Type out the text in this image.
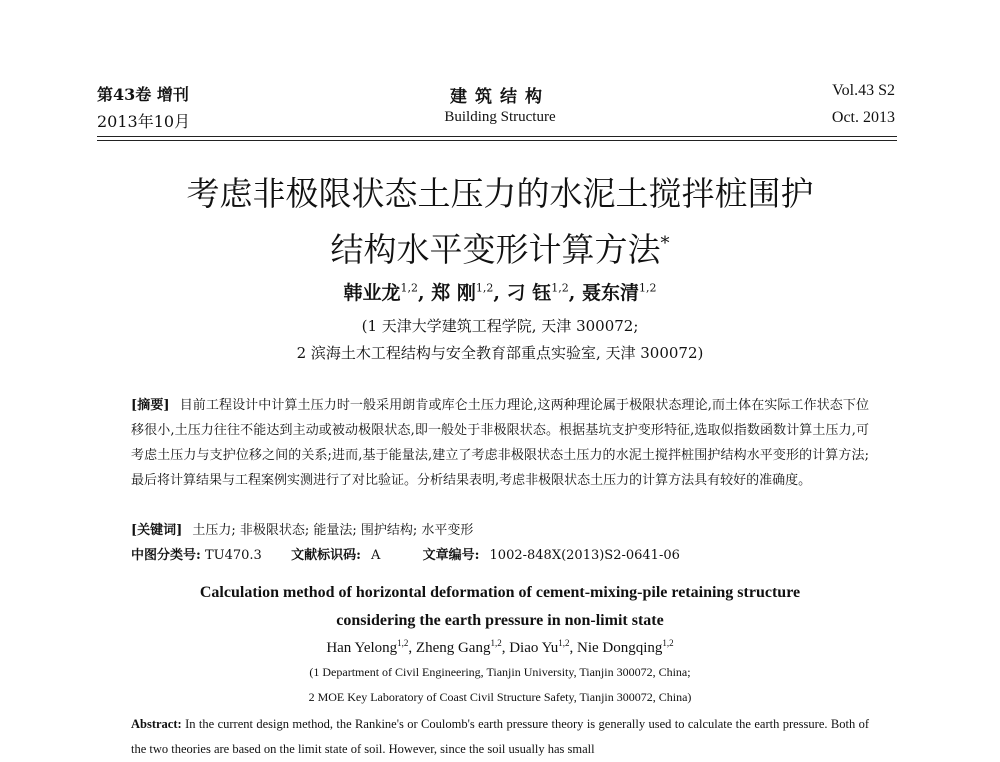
第43卷 增刊
2013年10月
建筑结构
Building Structure
Vol.43 S2
Oct. 2013
考虑非极限状态土压力的水泥土搅拌桩围护
结构水平变形计算方法*
韩业龙$^{1,2}$, 郑 刚$^{1,2}$, 刁 钰$^{1,2}$, 聂东清$^{1,2}$
(1 天津大学建筑工程学院, 天津 300072;
2 滨海土木工程结构与安全教育部重点实验室, 天津 300072)
[摘要] 目前工程设计中计算土压力时一般采用朗肯或库仑土压力理论,这两种理论属于极限状态理论,而土体在实际工作状态下位移很小,土压力往往不能达到主动或被动极限状态,即一般处于非极限状态。根据基坑支护变形特征,选取似指数函数计算土压力,可考虑土压力与支护位移之间的关系;进而,基于能量法,建立了考虑非极限状态土压力的水泥土搅拌桩围护结构水平变形的计算方法;最后将计算结果与工程案例实测进行了对比验证。分析结果表明,考虑非极限状态土压力的计算方法具有较好的准确度。
[关键词] 土压力; 非极限状态; 能量法; 围护结构; 水平变形
中图分类号: TU470.3 文献标识码: A	文章编号: 1002-848X(2013)S2-0641-06
Calculation method of horizontal deformation of cement-mixing-pile retaining structure
considering the earth pressure in non-limit state
Han Yelong$^{1,2}$, Zheng Gang$^{1,2}$, Diao Yu$^{1,2}$, Nie Dongqing$^{1,2}$
(1 Department of Civil Engineering, Tianjin University, Tianjin 300072, China;
2 MOE Key Laboratory of Coast Civil Structure Safety, Tianjin 300072, China)
Abstract: In the current design method, the Rankine's or Coulomb's earth pressure theory is generally used to calculate the earth pressure. Both of the two theories are based on the limit state of soil. However, since the soil usually has small
